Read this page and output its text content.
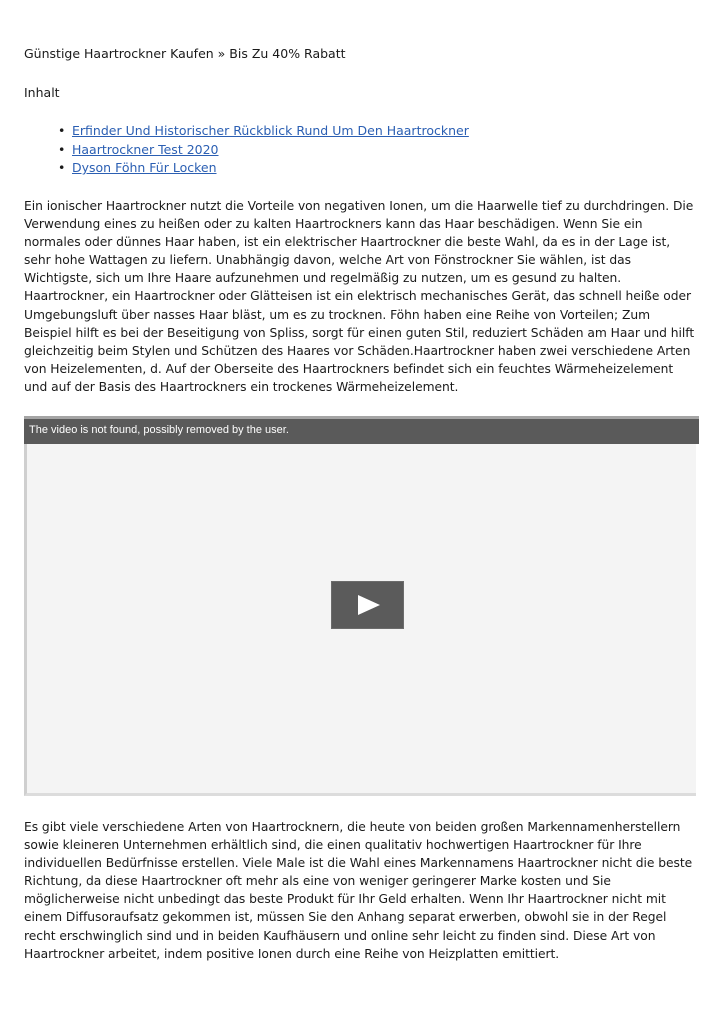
Günstige Haartrockner Kaufen » Bis Zu 40% Rabatt
Inhalt
• Erfinder Und Historischer Rückblick Rund Um Den Haartrockner
• Haartrockner Test 2020
• Dyson Föhn Für Locken

Ein ionischer Haartrockner nutzt die Vorteile von negativen Ionen, um die Haarwelle tief zu durchdringen. Die Verwendung eines zu heißen oder zu kalten Haartrockners kann das Haar beschädigen. Wenn Sie ein normales oder dünnes Haar haben, ist ein elektrischer Haartrockner die beste Wahl, da es in der Lage ist, sehr hohe Wattagen zu liefern. Unabhängig davon, welche Art von Fönstrockner Sie wählen, ist das Wichtigste, sich um Ihre Haare aufzunehmen und regelmäßig zu nutzen, um es gesund zu halten. Haartrockner, ein Haartrockner oder Glätteisen ist ein elektrisch mechanisches Gerät, das schnell heiße oder Umgebungsluft über nasses Haar bläst, um es zu trocknen. Föhn haben eine Reihe von Vorteilen; Zum Beispiel hilft es bei der Beseitigung von Spliss, sorgt für einen guten Stil, reduziert Schäden am Haar und hilft gleichzeitig beim Stylen und Schützen des Haares vor Schäden.Haartrockner haben zwei verschiedene Arten von Heizelementen, d. Auf der Oberseite des Haartrockners befindet sich ein feuchtes Wärmeheizelement und auf der Basis des Haartrockners ein trockenes Wärmeheizelement.

The video is not found, possibly removed by the user.

Es gibt viele verschiedene Arten von Haartrocknern, die heute von beiden großen Markennamenherstellern sowie kleineren Unternehmen erhältlich sind, die einen qualitativ hochwertigen Haartrockner für Ihre individuellen Bedürfnisse erstellen. Viele Male ist die Wahl eines Markennamens Haartrockner nicht die beste Richtung, da diese Haartrockner oft mehr als eine von weniger geringerer Marke kosten und Sie möglicherweise nicht unbedingt das beste Produkt für Ihr Geld erhalten. Wenn Ihr Haartrockner nicht mit einem Diffusoraufsatz gekommen ist, müssen Sie den Anhang separat erwerben, obwohl sie in der Regel recht erschwinglich sind und in beiden Kaufhäusern und online sehr leicht zu finden sind. Diese Art von Haartrockner arbeitet, indem positive Ionen durch eine Reihe von Heizplatten emittiert.
